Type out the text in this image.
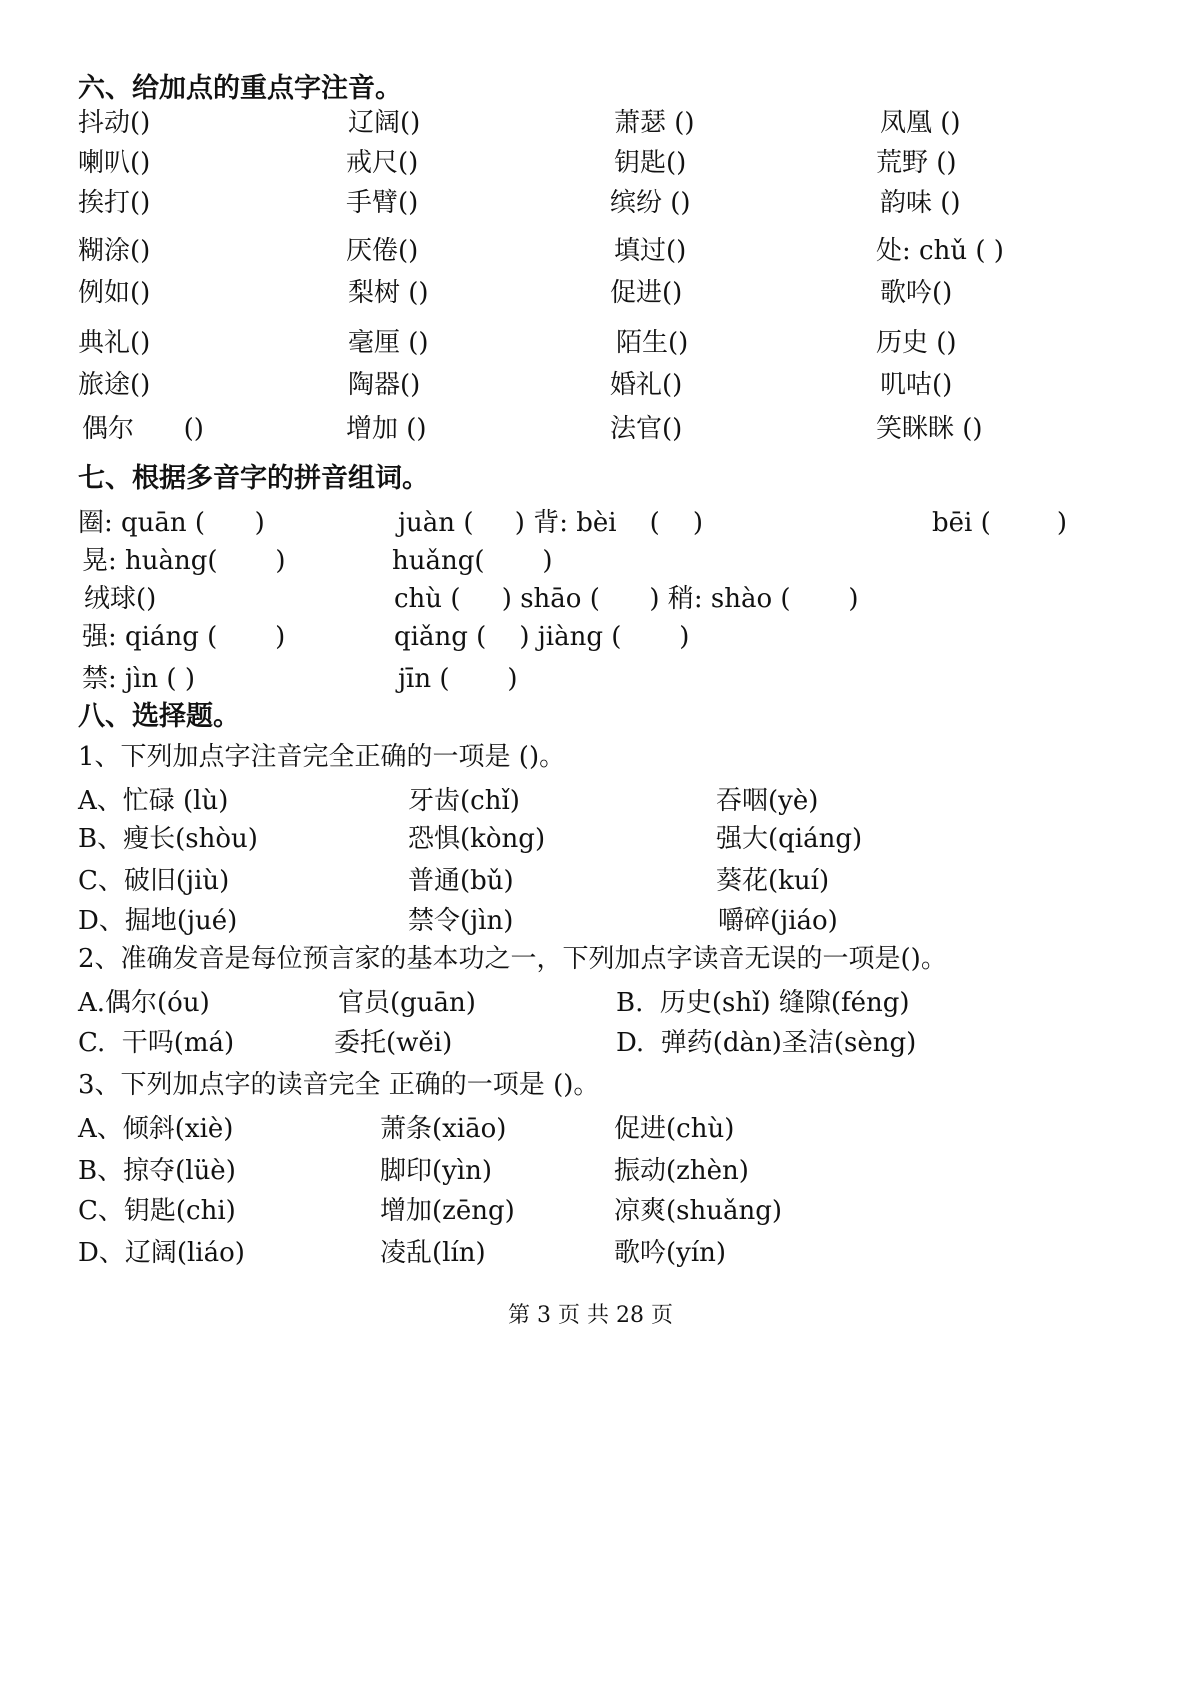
六、给加点的重点字注音。
抖动()	辽阔()	萧瑟 ()	凤凰 ()
喇叭()	戒尺()	钥匙()	荒野 ()
挨打()	手臂()	缤纷 ()	韵味 ()
糊涂()	厌倦()	填过()	处: chǔ ( )
例如()	梨树 ()	促进()	歌吟()
典礼()	毫厘 ()	陌生()	历史 ()
旅途()	陶器()	婚礼()	叽咕()
偶尔      ()	增加 ()	法官()	笑眯眯 ()
七、根据多音字的拼音组词。
圈: quān (      )	juàn (     ) 背: bèi    (    )	bēi (        )
晃: huàng(       )	huǎng(       )
绒球()	chù (     ) shāo (      ) 稍: shào (       )
强: qiáng (       )	qiǎng (    ) jiàng (       )
禁: jìn ( )	jīn (       )
八、选择题。
1、下列加点字注音完全正确的一项是 ()。
A、忙碌 (lù)	牙齿(chǐ)	吞咽(yè)
B、瘦长(shòu)	恐惧(kòng)	强大(qiáng)
C、破旧(jiù)	普通(bǔ)	葵花(kuí)
D、掘地(jué)	禁令(jìn)	嚼碎(jiáo)
2、准确发音是每位预言家的基本功之一，下列加点字读音无误的一项是()。
A.偶尔(óu)	官员(guān)	B.  历史(shǐ) 缝隙(féng)
C.  干吗(má)	委托(wěi)	D.  弹药(dàn)圣洁(sèng)
3、下列加点字的读音完全 正确的一项是 ()。
A、倾斜(xiè)	萧条(xiāo)	促进(chù)
B、掠夺(lüè)	脚印(yìn)	振动(zhèn)
C、钥匙(chi)	增加(zēng)	凉爽(shuǎng)
D、辽阔(liáo)	凌乱(lín)	歌吟(yín)
第 3 页 共 28 页
